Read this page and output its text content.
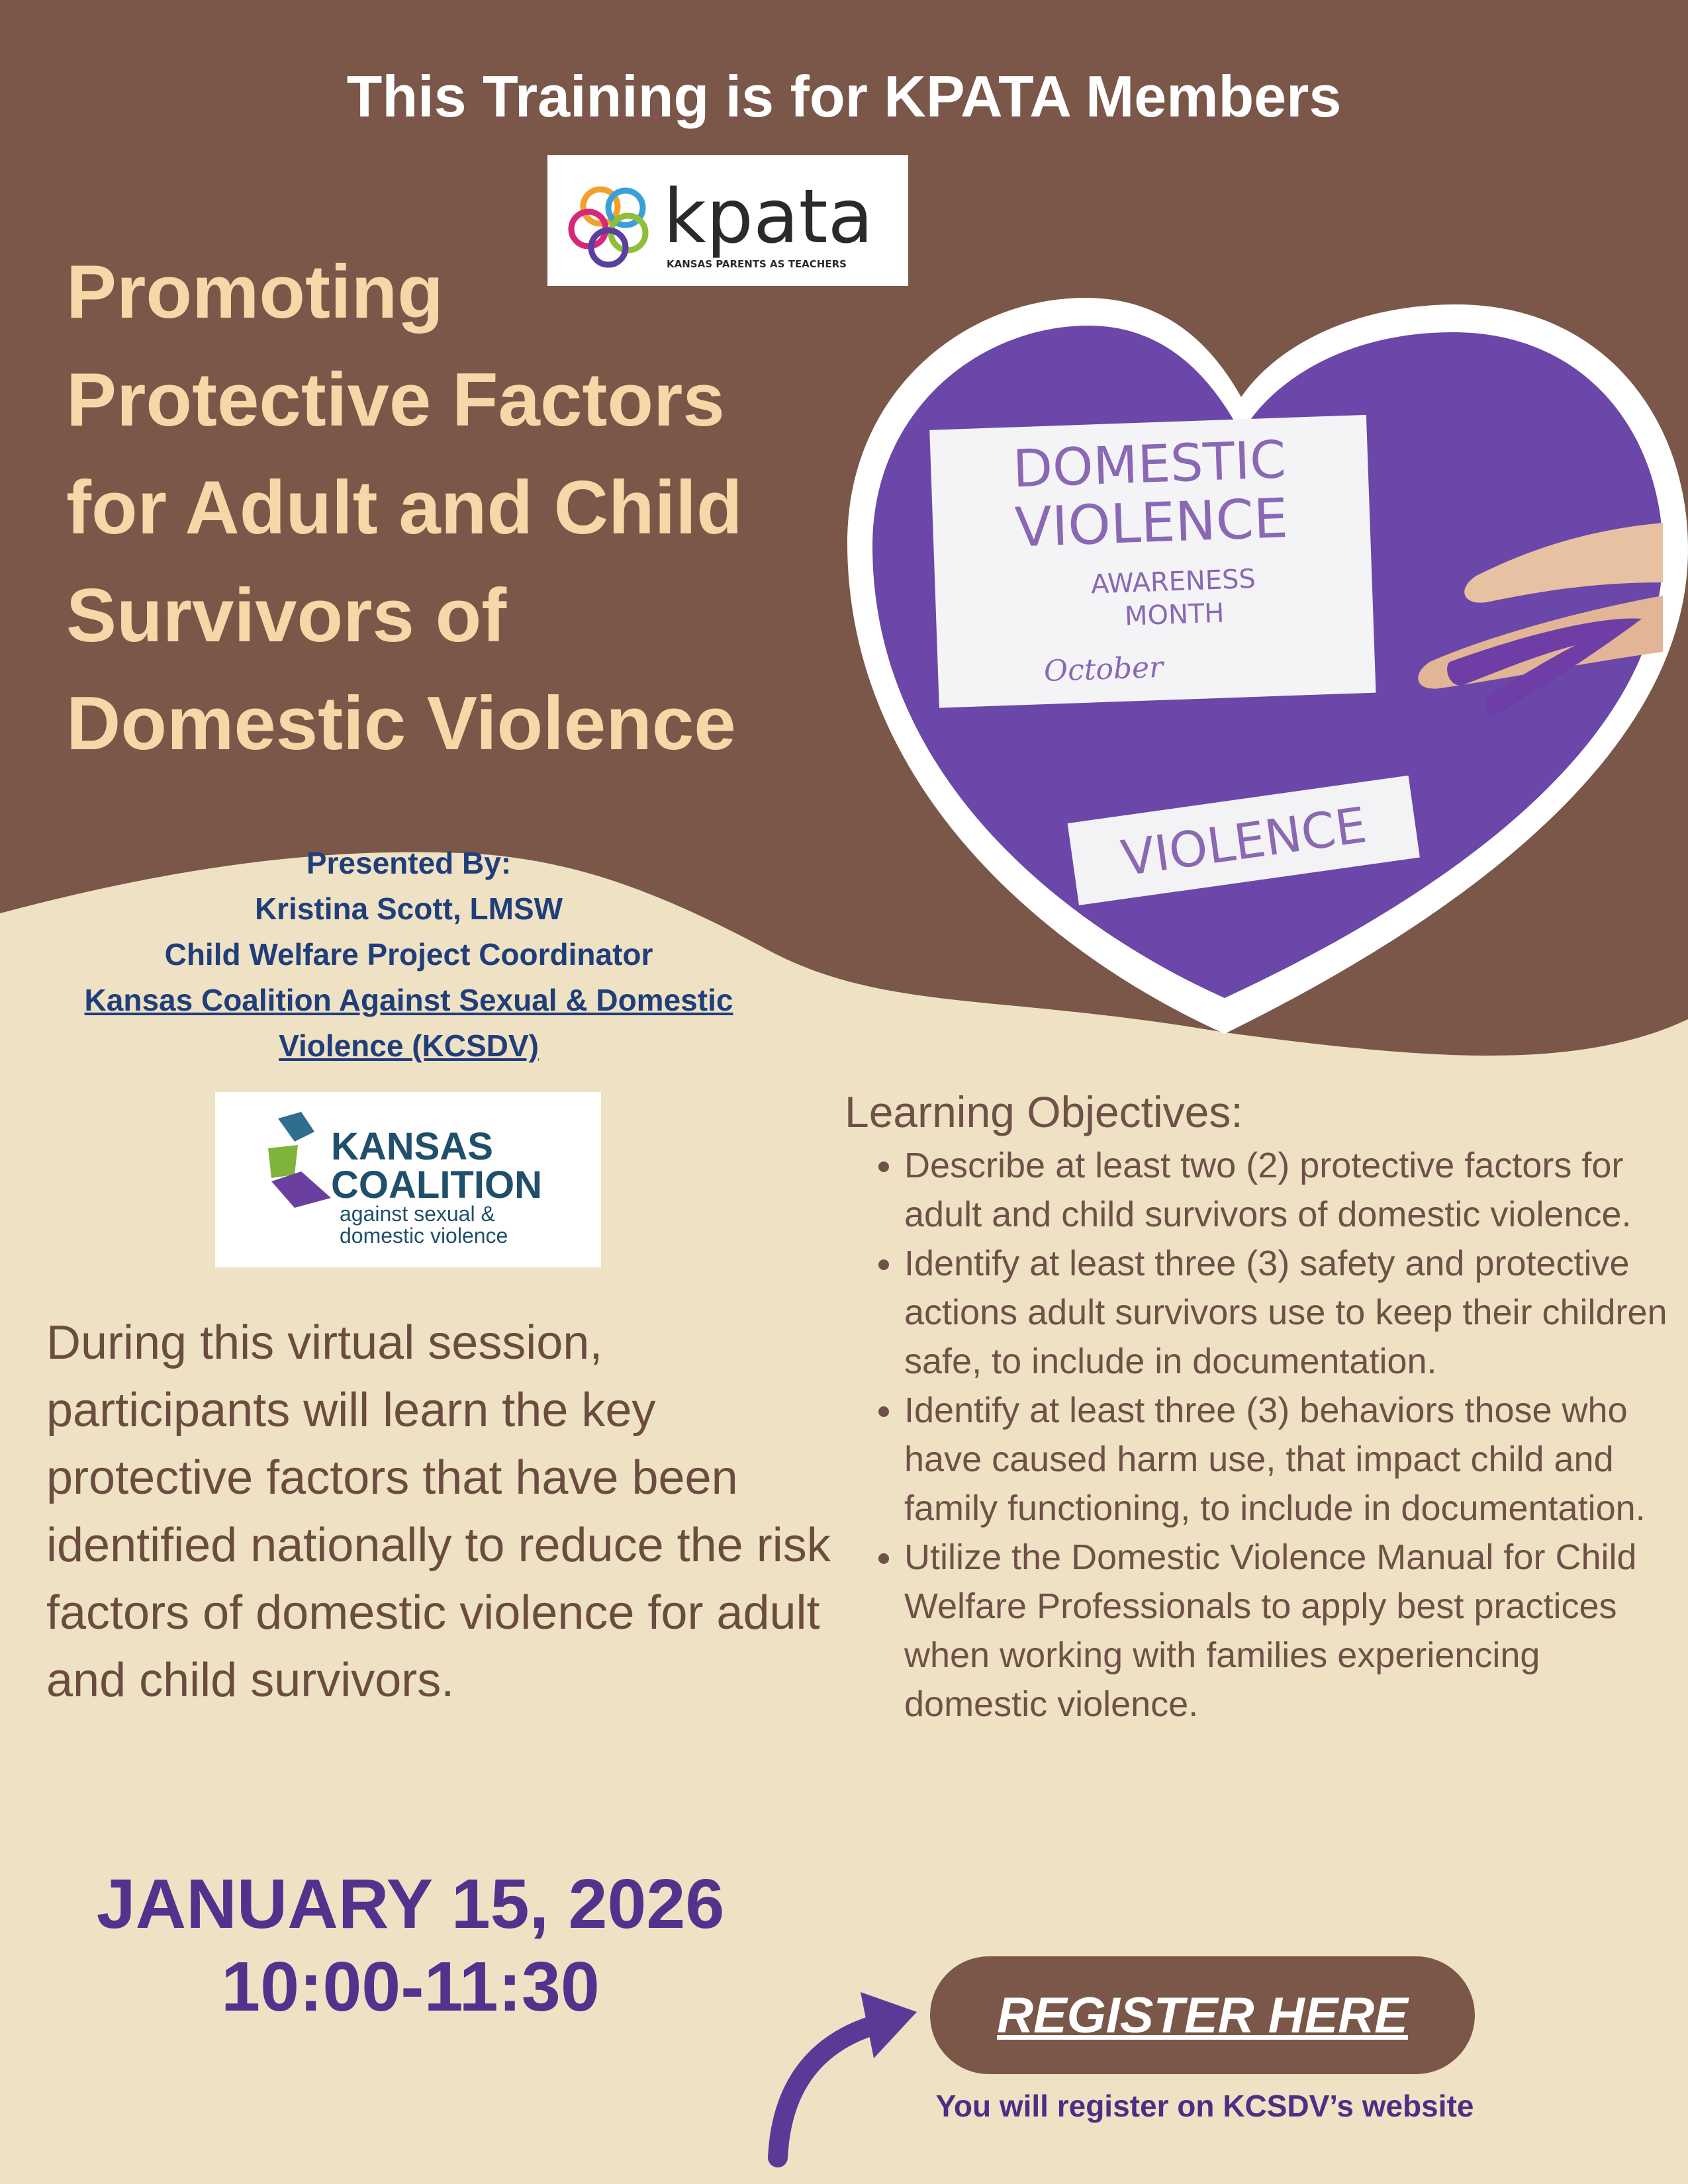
DOMESTIC
VIOLENCE
AWARENESS
MONTH
October
VIOLENCE
This Training is for KPATA Members
kpata
KANSAS PARENTS AS TEACHERS
Promoting
Protective Factors
for Adult and Child
Survivors of
Domestic Violence
Presented By:
Kristina Scott, LMSW
Child Welfare Project Coordinator
Kansas Coalition Against Sexual & Domestic
Violence (KCSDV)
KANSAS
COALITION
against sexual &
domestic violence
During this virtual session, participants will learn the key protective factors that have been identified nationally to reduce the risk factors of domestic violence for adult and child survivors.
Learning Objectives:
• Describe at least two (2) protective factors for adult and child survivors of domestic violence.
• Identify at least three (3) safety and protective actions adult survivors use to keep their children safe, to include in documentation.
• Identify at least three (3) behaviors those who have caused harm use, that impact child and family functioning, to include in documentation.
• Utilize the Domestic Violence Manual for Child Welfare Professionals to apply best practices when working with families experiencing domestic violence.
JANUARY 15, 2026
10:00-11:30	REGISTER HERE
You will register on KCSDV’s website
